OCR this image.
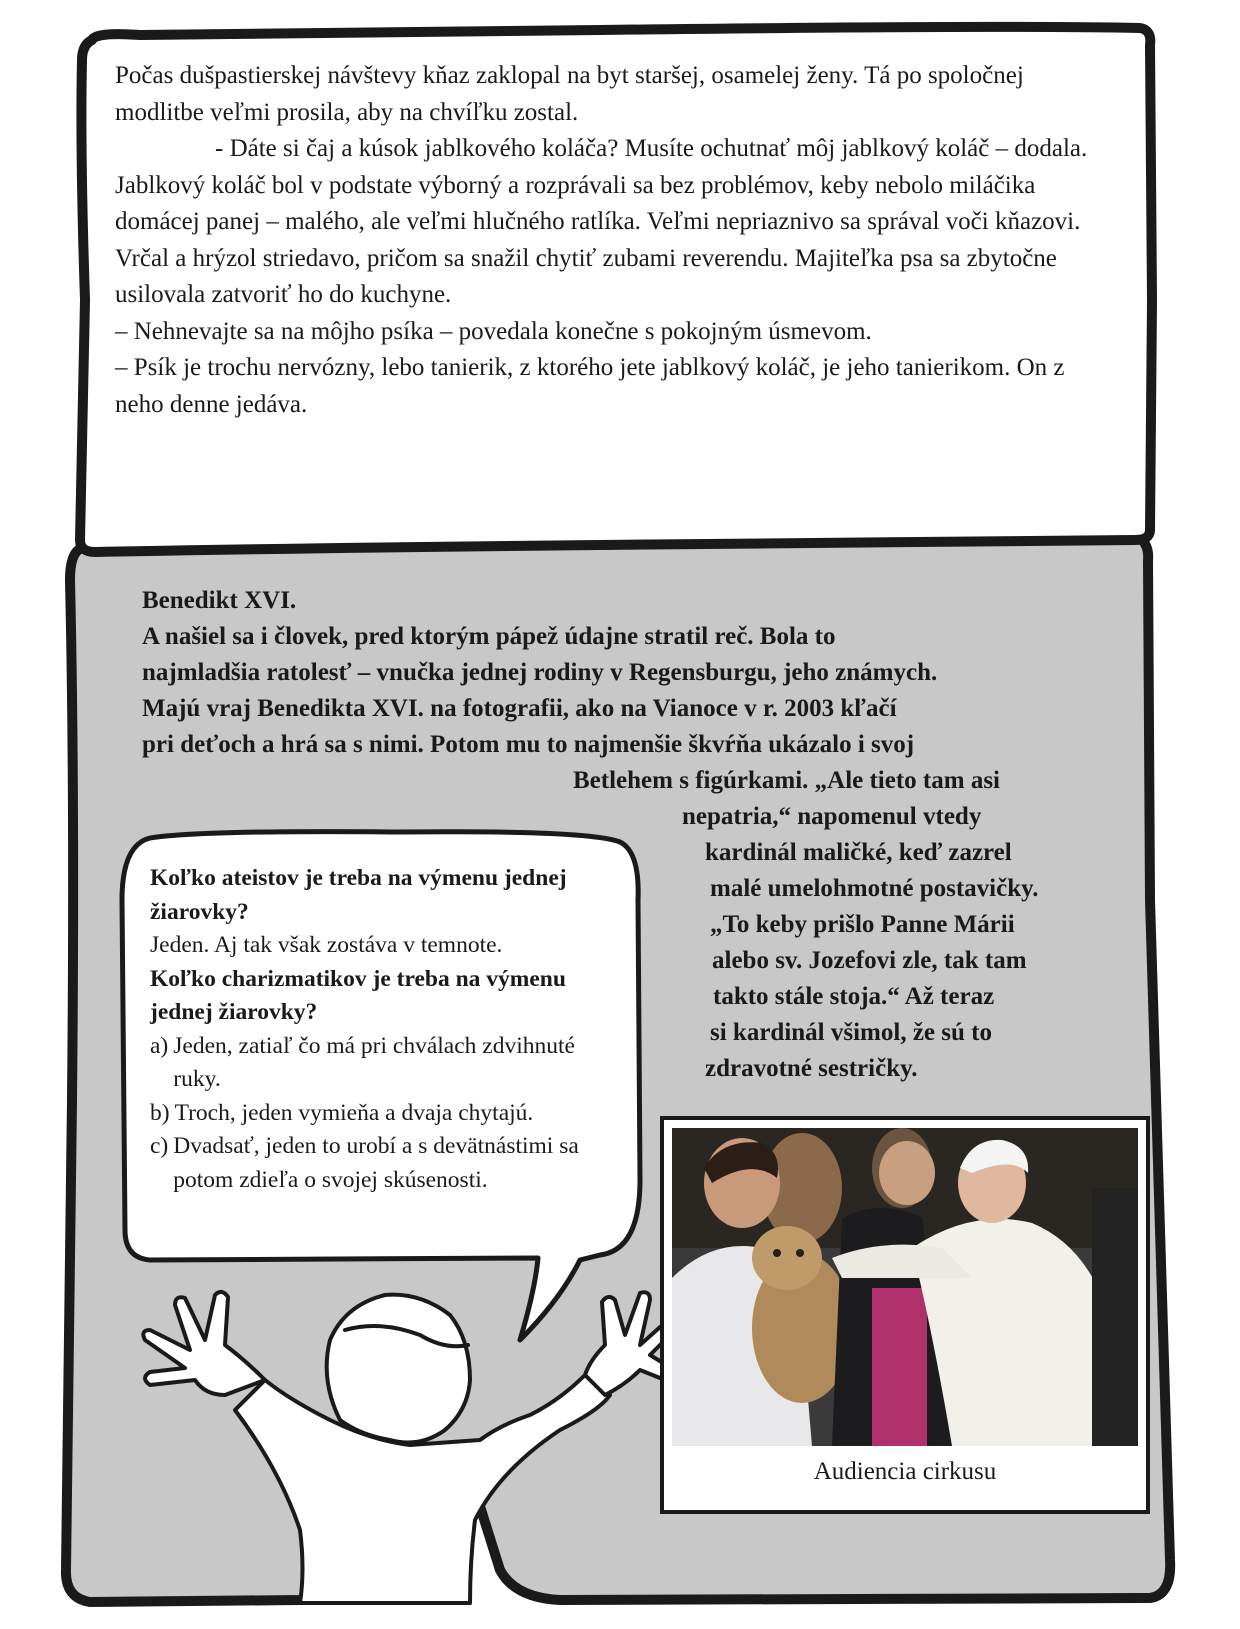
Počas dušpastierskej návštevy kňaz zaklopal na byt staršej, osamelej ženy. Tá po spoločnej modlitbe veľmi prosila, aby na chvíľku zostal.

- Dáte si čaj a kúsok jablkového koláča? Musíte ochutnať môj jablkový koláč – dodala.

Jablkový koláč bol v podstate výborný a rozprávali sa bez problémov, keby nebolo miláčika domácej panej – malého, ale veľmi hlučného ratlíka. Veľmi nepriaznivo sa správal voči kňazovi. Vrčal a hrýzol striedavo, pričom sa snažil chytiť zubami reverendu. Majiteľka psa sa zbytočne usilovala zatvoriť ho do kuchyne.

– Nehnevajte sa na môjho psíka – povedala konečne s pokojným úsmevom.

– Psík je trochu nervózny, lebo tanierik, z ktorého jete jablkový koláč, je jeho tanierikom. On z neho denne jedáva.

Benedikt XVI.

A našiel sa i človek, pred ktorým pápež údajne stratil reč. Bola to

najmladšia ratolesť – vnučka jednej rodiny v Regensburgu, jeho známych.

Majú vraj Benedikta XVI. na fotografii, ako na Vianoce v r. 2003 kľačí

pri deťoch a hrá sa s nimi. Potom mu to najmenšie škvŕňa ukázalo i svoj

Betlehem s figúrkami. „Ale tieto tam asi

nepatria,“ napomenul vtedy

kardinál maličké, keď zazrel

malé umelohmotné postavičky.

„To keby prišlo Panne Márii

alebo sv. Jozefovi zle, tak tam

takto stále stoja.“ Až teraz

si kardinál všimol, že sú to

zdravotné sestričky.

Koľko ateistov je treba na výmenu jednej žiarovky?

Jeden. Aj tak však zostáva v temnote.

Koľko charizmatikov je treba na výmenu jednej žiarovky?

a) Jeden, zatiaľ čo má pri chválach zdvihnuté ruky.
b) Troch, jeden vymieňa a dvaja chytajú.
c) Dvadsať, jeden to urobí a s devätnástimi sa potom zdieľa o svojej skúsenosti.
Audiencia cirkusu
